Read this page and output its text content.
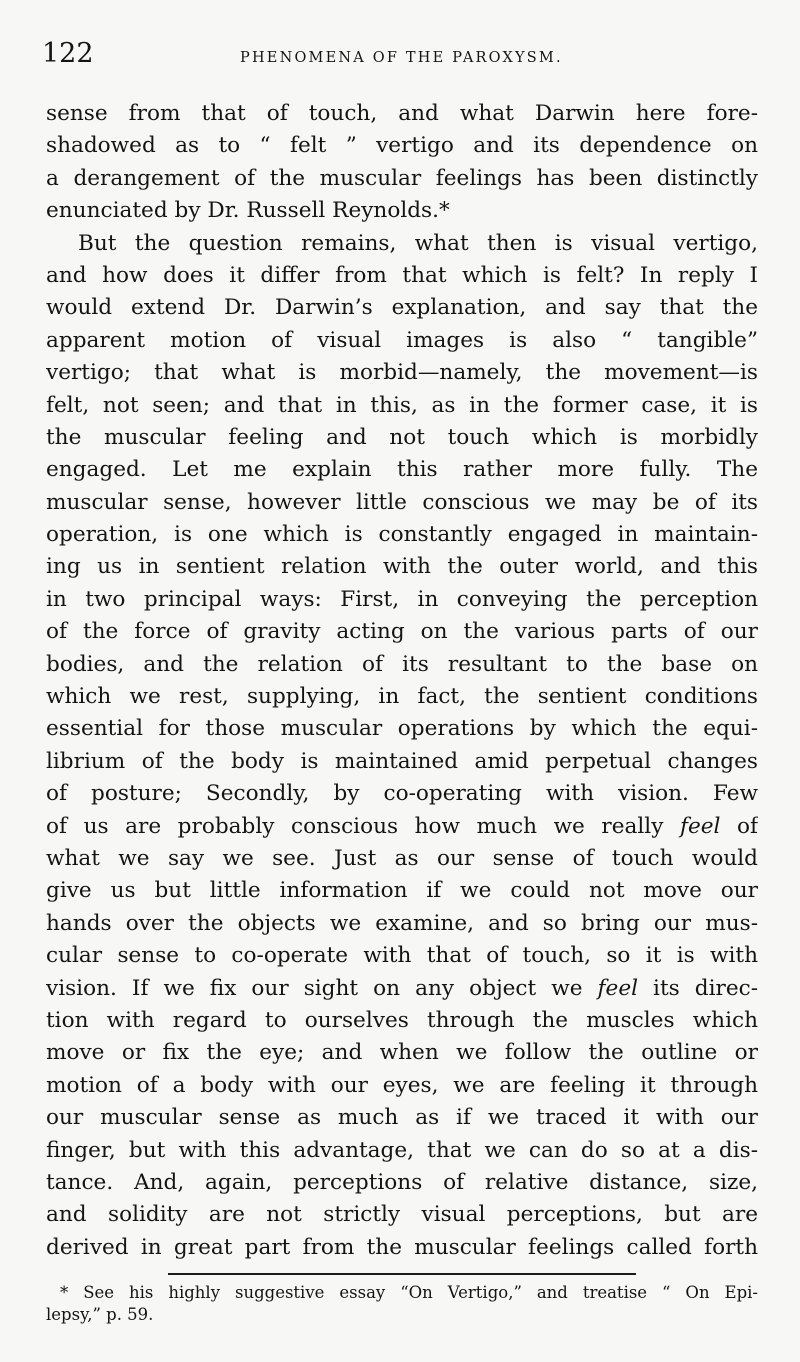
122	PHENOMENA OF THE PAROXYSM.
sense from that of touch, and what Darwin here fore-
shadowed as to “ felt ” vertigo and its dependence on
a derangement of the muscular feelings has been distinctly
enunciated by Dr. Russell Reynolds.*
But the question remains, what then is visual vertigo,
and how does it differ from that which is felt? In reply I
would extend Dr. Darwin’s explanation, and say that the
apparent motion of visual images is also “ tangible”
vertigo; that what is morbid—namely, the movement—is
felt, not seen; and that in this, as in the former case, it is
the muscular feeling and not touch which is morbidly
engaged. Let me explain this rather more fully. The
muscular sense, however little conscious we may be of its
operation, is one which is constantly engaged in maintain-
ing us in sentient relation with the outer world, and this
in two principal ways: First, in conveying the perception
of the force of gravity acting on the various parts of our
bodies, and the relation of its resultant to the base on
which we rest, supplying, in fact, the sentient conditions
essential for those muscular operations by which the equi-
librium of the body is maintained amid perpetual changes
of posture; Secondly, by co-operating with vision. Few
of us are probably conscious how much we really feel of
what we say we see. Just as our sense of touch would
give us but little information if we could not move our
hands over the objects we examine, and so bring our mus-
cular sense to co-operate with that of touch, so it is with
vision. If we fix our sight on any object we feel its direc-
tion with regard to ourselves through the muscles which
move or fix the eye; and when we follow the outline or
motion of a body with our eyes, we are feeling it through
our muscular sense as much as if we traced it with our
finger, but with this advantage, that we can do so at a dis-
tance. And, again, perceptions of relative distance, size,
and solidity are not strictly visual perceptions, but are
derived in great part from the muscular feelings called forth
* See his highly suggestive essay “On Vertigo,” and treatise “ On Epi-
lepsy,” p. 59.
